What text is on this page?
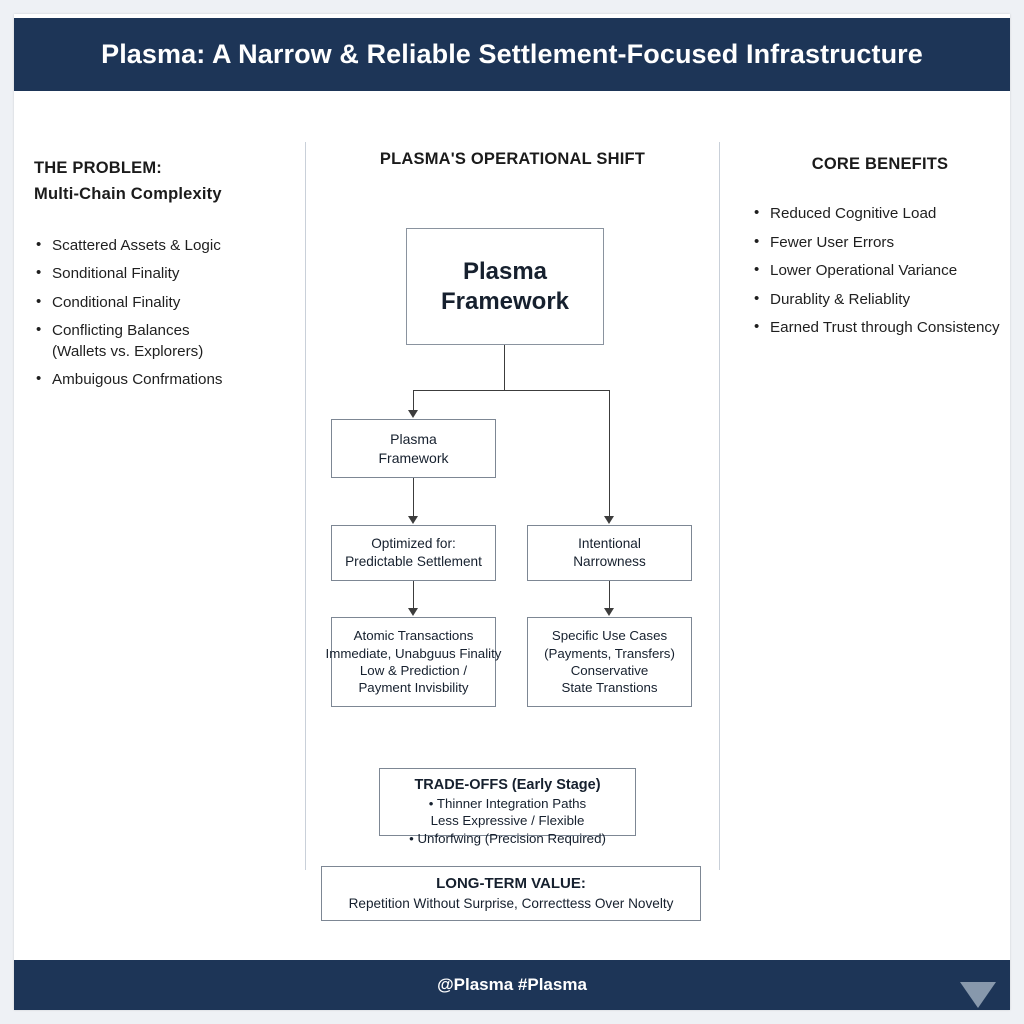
Plasma: A Narrow & Reliable Settlement-Focused Infrastructure
THE PROBLEM:
Multi-Chain Complexity
• Scattered Assets & Logic
• Sonditional Finality
• Conditional Finality
• Conflicting Balances
(Wallets vs. Explorers)
• Ambuigous Confrmations
CORE BENEFITS
• Reduced Cognitive Load
• Fewer User Errors
• Lower Operational Variance
• Durablity & Reliablity
• Earned Trust through Consistency
PLASMA'S OPERATIONAL SHIFT
Plasma
Framework
Plasma
Framework
Optimized for:
Predictable Settlement
Intentional
Narrowness
Atomic Transactions
Immediate, Unabguus Finality
Low & Prediction /
Payment Invisbility
Specific Use Cases
(Payments, Transfers)
Conservative
State Transtions
TRADE-OFFS (Early Stage)
• Thinner Integration Paths
Less Expressive / Flexible
• Unforfwing (Precision Required)
LONG-TERM VALUE:
Repetition Without Surprise, Correcttess Over Novelty
@Plasma #Plasma
